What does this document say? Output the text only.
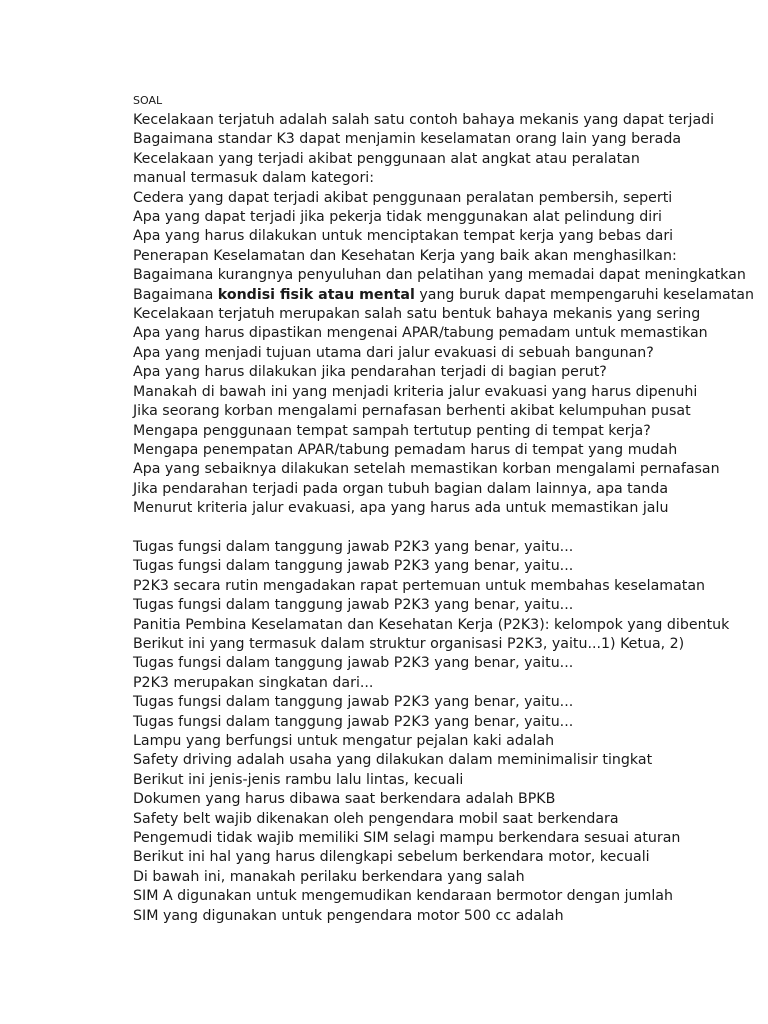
SOAL
Kecelakaan terjatuh adalah salah satu contoh bahaya mekanis yang dapat terjadi
Bagaimana standar K3 dapat menjamin keselamatan orang lain yang berada
Kecelakaan yang terjadi akibat penggunaan alat angkat atau peralatan manual termasuk dalam kategori:
Cedera yang dapat terjadi akibat penggunaan peralatan pembersih, seperti
Apa yang dapat terjadi jika pekerja tidak menggunakan alat pelindung diri
Apa yang harus dilakukan untuk menciptakan tempat kerja yang bebas dari
Penerapan Keselamatan dan Kesehatan Kerja yang baik akan menghasilkan:
Bagaimana kurangnya penyuluhan dan pelatihan yang memadai dapat meningkatkan
Bagaimana kondisi fisik atau mental yang buruk dapat mempengaruhi keselamatan
Kecelakaan terjatuh merupakan salah satu bentuk bahaya mekanis yang sering
Apa yang harus dipastikan mengenai APAR/tabung pemadam untuk memastikan
Apa yang menjadi tujuan utama dari jalur evakuasi di sebuah bangunan?
Apa yang harus dilakukan jika pendarahan terjadi di bagian perut?
Manakah di bawah ini yang menjadi kriteria jalur evakuasi yang harus dipenuhi
Jika seorang korban mengalami pernafasan berhenti akibat kelumpuhan pusat
Mengapa penggunaan tempat sampah tertutup penting di tempat kerja?
Mengapa penempatan APAR/tabung pemadam harus di tempat yang mudah
Apa yang sebaiknya dilakukan setelah memastikan korban mengalami pernafasan
Jika pendarahan terjadi pada organ tubuh bagian dalam lainnya, apa tanda
Menurut kriteria jalur evakuasi, apa yang harus ada untuk memastikan jalu
Tugas fungsi dalam tanggung jawab P2K3 yang benar, yaitu...
Tugas fungsi dalam tanggung jawab P2K3 yang benar, yaitu...
P2K3 secara rutin mengadakan rapat pertemuan untuk membahas keselamatan
Tugas fungsi dalam tanggung jawab P2K3 yang benar, yaitu...
Panitia Pembina Keselamatan dan Kesehatan Kerja (P2K3): kelompok yang dibentuk
Berikut ini yang termasuk dalam struktur organisasi P2K3, yaitu...1) Ketua, 2)
Tugas fungsi dalam tanggung jawab P2K3 yang benar, yaitu...
P2K3 merupakan singkatan dari...
Tugas fungsi dalam tanggung jawab P2K3 yang benar, yaitu...
Tugas fungsi dalam tanggung jawab P2K3 yang benar, yaitu...
Lampu yang berfungsi untuk mengatur pejalan kaki adalah
Safety driving adalah usaha yang dilakukan dalam meminimalisir tingkat
Berikut ini jenis-jenis rambu lalu lintas, kecuali
Dokumen yang harus dibawa saat berkendara adalah BPKB
Safety belt wajib dikenakan oleh pengendara mobil saat berkendara
Pengemudi tidak wajib memiliki SIM selagi mampu berkendara sesuai aturan
Berikut ini hal yang harus dilengkapi sebelum berkendara motor, kecuali
Di bawah ini, manakah perilaku berkendara yang salah
SIM A digunakan untuk mengemudikan kendaraan bermotor dengan jumlah
SIM yang digunakan untuk pengendara motor 500 cc adalah
